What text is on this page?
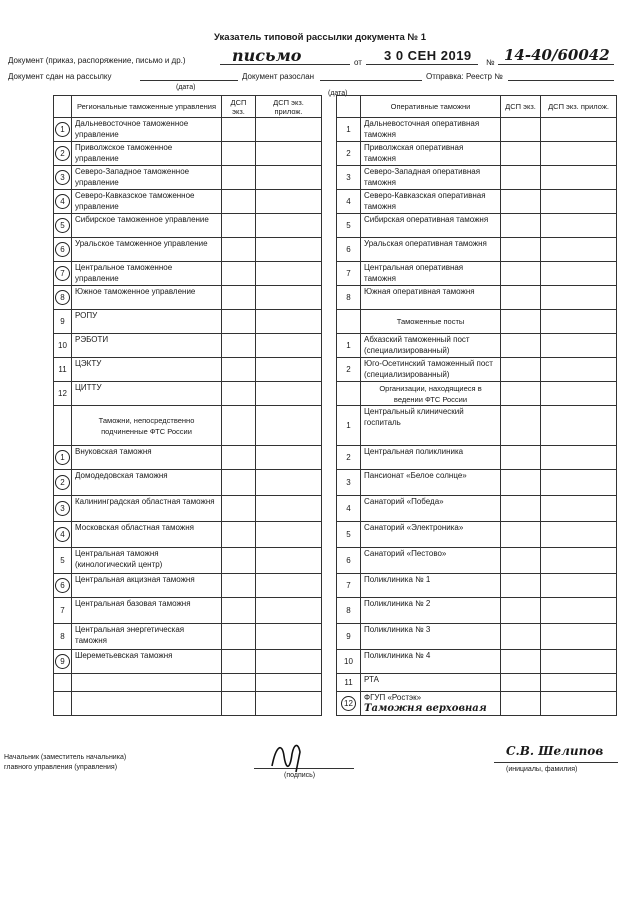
Указатель типовой рассылки документа № 1
Документ (приказ, распоряжение, письмо и др.)	письмо	от 3 0 СЕН 2019 № 14-40/60042
Документ сдан на рассылку
(дата)
Документ разослан
(дата)
Отправка: Реестр №
	Региональные таможенные управления	ДСП экз.	ДСП экз. прилож.			Оперативные таможни	ДСП экз.	ДСП экз. прилож.
1	Дальневосточное таможенное управление				1	Дальневосточная оперативная таможня		
2	Приволжское таможенное управление				2	Приволжская оперативная таможня		
3	Северо-Западное таможенное управление				3	Северо-Западная оперативная таможня		
4	Северо-Кавказское таможенное управление				4	Северо-Кавказская оперативная таможня		
5	Сибирское таможенное управление				5	Сибирская оперативная таможня		
6	Уральское таможенное управление				6	Уральская оперативная таможня		
7	Центральное таможенное управление				7	Центральная оперативная таможня		
8	Южное таможенное управление				8	Южная оперативная таможня		
9	РОПУ					Таможенные посты		
10	РЭБОТИ				1	Абхазский таможенный пост (специализированный)		
11	ЦЭКТУ				2	Юго-Осетинский таможенный пост (специализированный)		
12	ЦИТТУ					Организации, находящиеся в ведении ФТС России		
	Таможни, непосредственно подчиненные ФТС России				1	Центральный клинический госпиталь		
1	Внуковская таможня				2	Центральная поликлиника		
2	Домодедовская таможня				3	Пансионат «Белое солнце»		
3	Калининградская областная таможня				4	Санаторий «Победа»		
4	Московская областная таможня				5	Санаторий «Электроника»		
5	Центральная таможня (кинологический центр)				6	Санаторий «Пестово»		
6	Центральная акцизная таможня				7	Поликлиника № 1		
7	Центральная базовая таможня				8	Поликлиника № 2		
8	Центральная энергетическая таможня				9	Поликлиника № 3		
9	Шереметьевская таможня				10	Поликлиника № 4		
					11	РТА		
					12	ФГУП «Ростэк»
Таможня верховная		

Начальник (заместитель начальника)
главного управления (управления)
(подпись)
С.В. Шелипов
(инициалы, фамилия)
